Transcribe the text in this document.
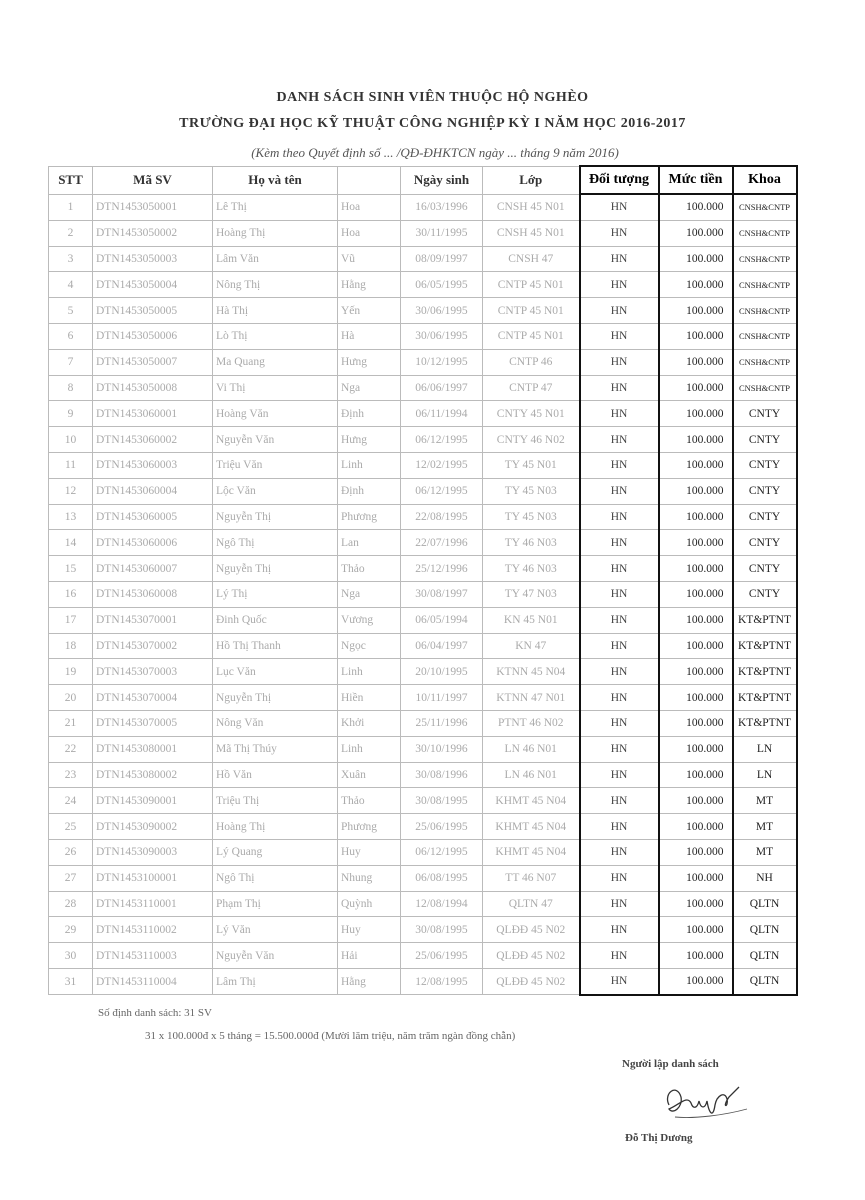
DANH SÁCH SINH VIÊN THUỘC HỘ NGHÈO
TRƯỜNG ĐẠI HỌC KỸ THUẬT CÔNG NGHIỆP KỲ I NĂM HỌC 2016-2017
(Kèm theo Quyết định số ... /QĐ-ĐHKTCN ngày ... tháng 9 năm 2016)
STT	Mã SV	Họ và tên		Ngày sinh	Lớp	Đối tượng	Mức tiền	Khoa
1	DTN1453050001	Lê Thị	Hoa	16/03/1996	CNSH 45 N01	HN	100.000	CNSH&CNTP
2	DTN1453050002	Hoàng Thị	Hoa	30/11/1995	CNSH 45 N01	HN	100.000	CNSH&CNTP
3	DTN1453050003	Lâm Văn	Vũ	08/09/1997	CNSH 47	HN	100.000	CNSH&CNTP
4	DTN1453050004	Nông Thị	Hằng	06/05/1995	CNTP 45 N01	HN	100.000	CNSH&CNTP
5	DTN1453050005	Hà Thị	Yến	30/06/1995	CNTP 45 N01	HN	100.000	CNSH&CNTP
6	DTN1453050006	Lò Thị	Hà	30/06/1995	CNTP 45 N01	HN	100.000	CNSH&CNTP
7	DTN1453050007	Ma Quang	Hưng	10/12/1995	CNTP 46	HN	100.000	CNSH&CNTP
8	DTN1453050008	Vi Thị	Nga	06/06/1997	CNTP 47	HN	100.000	CNSH&CNTP
9	DTN1453060001	Hoàng Văn	Định	06/11/1994	CNTY 45 N01	HN	100.000	CNTY
10	DTN1453060002	Nguyễn Văn	Hưng	06/12/1995	CNTY 46 N02	HN	100.000	CNTY
11	DTN1453060003	Triệu Văn	Linh	12/02/1995	TY 45 N01	HN	100.000	CNTY
12	DTN1453060004	Lộc Văn	Định	06/12/1995	TY 45 N03	HN	100.000	CNTY
13	DTN1453060005	Nguyễn Thị	Phương	22/08/1995	TY 45 N03	HN	100.000	CNTY
14	DTN1453060006	Ngô Thị	Lan	22/07/1996	TY 46 N03	HN	100.000	CNTY
15	DTN1453060007	Nguyễn Thị	Thảo	25/12/1996	TY 46 N03	HN	100.000	CNTY
16	DTN1453060008	Lý Thị	Nga	30/08/1997	TY 47 N03	HN	100.000	CNTY
17	DTN1453070001	Đinh Quốc	Vương	06/05/1994	KN 45 N01	HN	100.000	KT&PTNT
18	DTN1453070002	Hồ Thị Thanh	Ngọc	06/04/1997	KN 47	HN	100.000	KT&PTNT
19	DTN1453070003	Lục Văn	Linh	20/10/1995	KTNN 45 N04	HN	100.000	KT&PTNT
20	DTN1453070004	Nguyễn Thị	Hiền	10/11/1997	KTNN 47 N01	HN	100.000	KT&PTNT
21	DTN1453070005	Nông Văn	Khởi	25/11/1996	PTNT 46 N02	HN	100.000	KT&PTNT
22	DTN1453080001	Mã Thị Thúy	Linh	30/10/1996	LN 46 N01	HN	100.000	LN
23	DTN1453080002	Hồ Văn	Xuân	30/08/1996	LN 46 N01	HN	100.000	LN
24	DTN1453090001	Triệu Thị	Thảo	30/08/1995	KHMT 45 N04	HN	100.000	MT
25	DTN1453090002	Hoàng Thị	Phương	25/06/1995	KHMT 45 N04	HN	100.000	MT
26	DTN1453090003	Lý Quang	Huy	06/12/1995	KHMT 45 N04	HN	100.000	MT
27	DTN1453100001	Ngô Thị	Nhung	06/08/1995	TT 46 N07	HN	100.000	NH
28	DTN1453110001	Phạm Thị	Quỳnh	12/08/1994	QLTN 47	HN	100.000	QLTN
29	DTN1453110002	Lý Văn	Huy	30/08/1995	QLĐĐ 45 N02	HN	100.000	QLTN
30	DTN1453110003	Nguyễn Văn	Hải	25/06/1995	QLĐĐ 45 N02	HN	100.000	QLTN
31	DTN1453110004	Lâm Thị	Hằng	12/08/1995	QLĐĐ 45 N02	HN	100.000	QLTN
Số định danh sách: 31 SV
31 x 100.000đ x 5 tháng = 15.500.000đ (Mười lăm triệu, năm trăm ngàn đồng chẵn)
Người lập danh sách
Đỗ Thị Dương
